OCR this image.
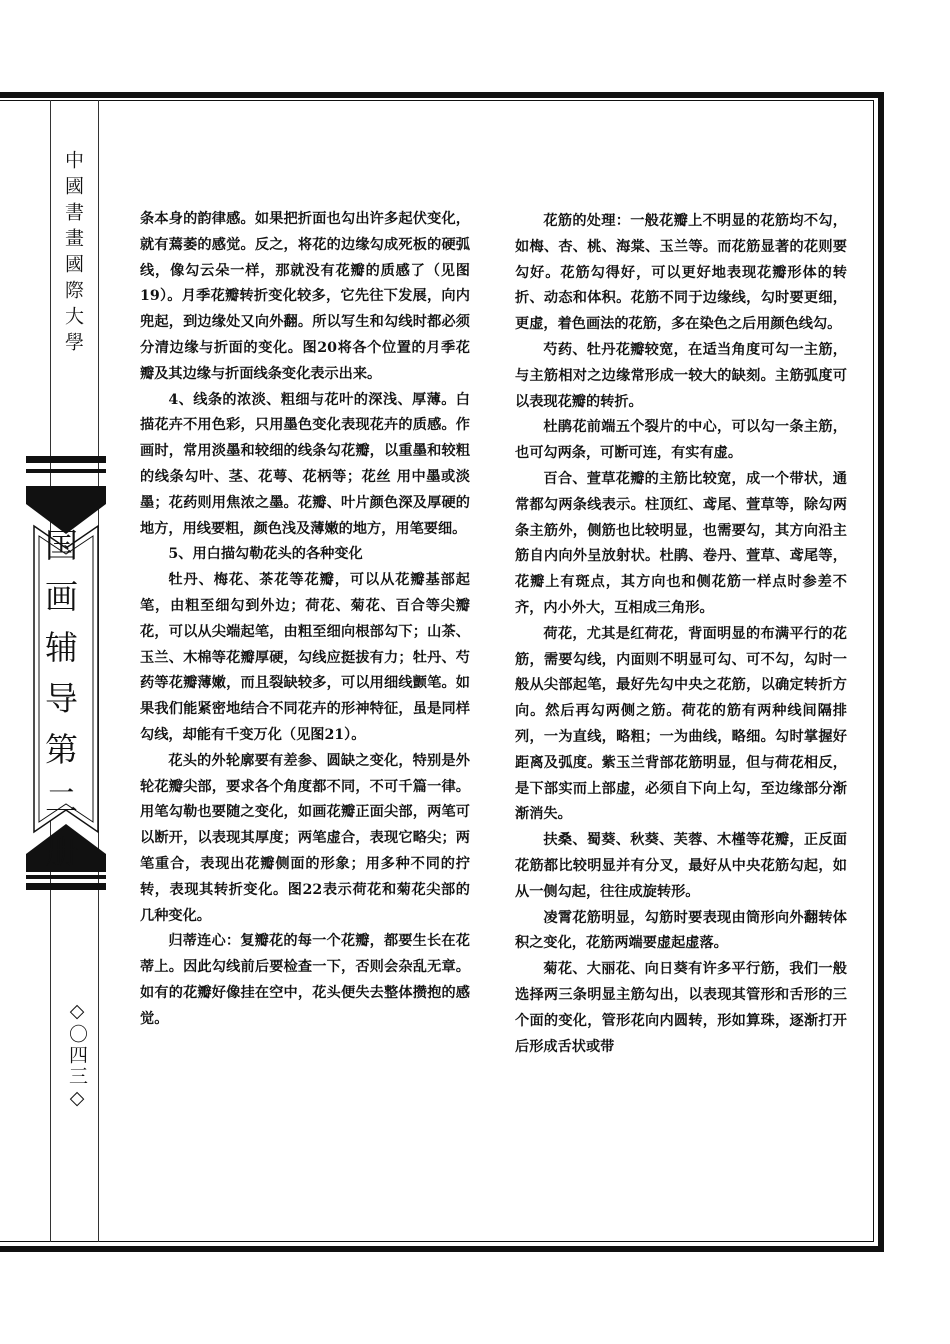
中國書畫國際大學
国画辅导第二册
◇〇四三◇

条本身的韵律感。如果把折面也勾出许多起伏变化，就有蔫萎的感觉。反之，将花的边缘勾成死板的硬弧线，像勾云朵一样，那就没有花瓣的质感了（见图19）。月季花瓣转折变化较多，它先往下发展，向内兜起，到边缘处又向外翻。所以写生和勾线时都必须分清边缘与折面的变化。图20将各个位置的月季花瓣及其边缘与折面线条变化表示出来。

4、线条的浓淡、粗细与花叶的深浅、厚薄。白描花卉不用色彩，只用墨色变化表现花卉的质感。作画时，常用淡墨和较细的线条勾花瓣，以重墨和较粗的线条勾叶、茎、花萼、花柄等；花丝 用中墨或淡墨；花药则用焦浓之墨。花瓣、叶片颜色深及厚硬的地方，用线要粗，颜色浅及薄嫩的地方，用笔要细。

5、用白描勾勒花头的各种变化

牡丹、梅花、茶花等花瓣，可以从花瓣基部起笔，由粗至细勾到外边；荷花、菊花、百合等尖瓣花，可以从尖端起笔，由粗至细向根部勾下；山茶、玉兰、木棉等花瓣厚硬，勾线应挺拔有力；牡丹、芍药等花瓣薄嫩，而且裂缺较多，可以用细线颤笔。如果我们能紧密地结合不同花卉的形神特征，虽是同样勾线，却能有千变万化（见图21）。

花头的外轮廓要有差参、圆缺之变化，特别是外轮花瓣尖部，要求各个角度都不同，不可千篇一律。用笔勾勒也要随之变化，如画花瓣正面尖部，两笔可以断开，以表现其厚度；两笔虚合，表现它略尖；两笔重合，表现出花瓣侧面的形象；用多种不同的拧转，表现其转折变化。图22表示荷花和菊花尖部的几种变化。

归蒂连心：复瓣花的每一个花瓣，都要生长在花蒂上。因此勾线前后要检查一下，否则会杂乱无章。如有的花瓣好像挂在空中，花头便失去整体攒抱的感觉。

花筋的处理：一般花瓣上不明显的花筋均不勾，如梅、杏、桃、海棠、玉兰等。而花筋显著的花则要勾好。花筋勾得好，可以更好地表现花瓣形体的转折、动态和体积。花筋不同于边缘线，勾时要更细，更虚，着色画法的花筋，多在染色之后用颜色线勾。

芍药、牡丹花瓣较宽，在适当角度可勾一主筋，与主筋相对之边缘常形成一较大的缺刻。主筋弧度可以表现花瓣的转折。

杜鹃花前端五个裂片的中心，可以勾一条主筋，也可勾两条，可断可连，有实有虚。

百合、萱草花瓣的主筋比较宽，成一个带状，通常都勾两条线表示。柱顶红、鸢尾、萱草等，除勾两条主筋外，侧筋也比较明显，也需要勾，其方向沿主筋自内向外呈放射状。杜鹃、卷丹、萱草、鸢尾等，花瓣上有斑点，其方向也和侧花筋一样点时参差不齐，内小外大，互相成三角形。

荷花，尤其是红荷花，背面明显的布满平行的花筋，需要勾线，内面则不明显可勾、可不勾，勾时一般从尖部起笔，最好先勾中央之花筋，以确定转折方向。然后再勾两侧之筋。荷花的筋有两种线间隔排列，一为直线，略粗；一为曲线，略细。勾时掌握好距离及弧度。紫玉兰背部花筋明显，但与荷花相反，是下部实而上部虚，必须自下向上勾，至边缘部分渐渐消失。

扶桑、蜀葵、秋葵、芙蓉、木槿等花瓣，正反面花筋都比较明显并有分叉，最好从中央花筋勾起，如从一侧勾起，往往成旋转形。

凌霄花筋明显，勾筋时要表现由筒形向外翻转体积之变化，花筋两端要虚起虚落。

菊花、大丽花、向日葵有许多平行筋，我们一般选择两三条明显主筋勾出，以表现其管形和舌形的三个面的变化，管形花向内圆转，形如算珠，逐渐打开后形成舌状或带
